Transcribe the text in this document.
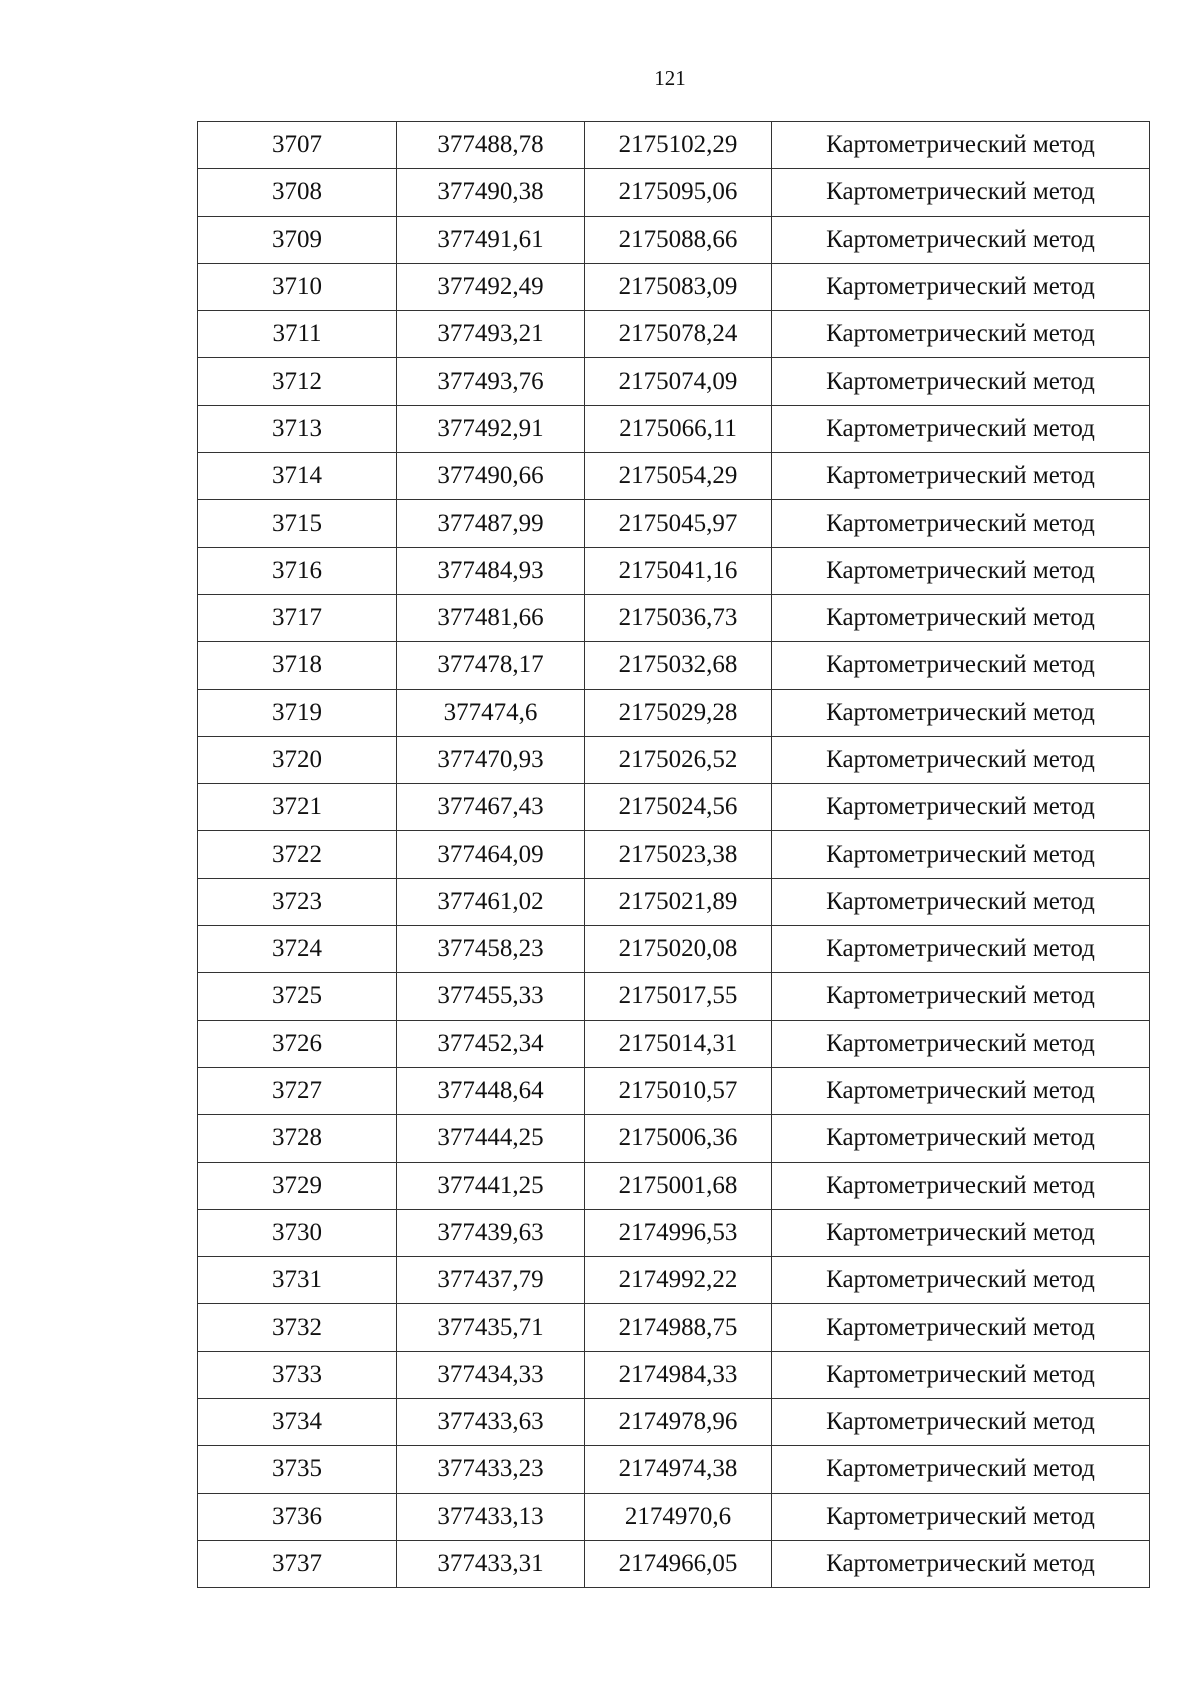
121
3707	377488,78	2175102,29	Картометрический метод
3708	377490,38	2175095,06	Картометрический метод
3709	377491,61	2175088,66	Картометрический метод
3710	377492,49	2175083,09	Картометрический метод
3711	377493,21	2175078,24	Картометрический метод
3712	377493,76	2175074,09	Картометрический метод
3713	377492,91	2175066,11	Картометрический метод
3714	377490,66	2175054,29	Картометрический метод
3715	377487,99	2175045,97	Картометрический метод
3716	377484,93	2175041,16	Картометрический метод
3717	377481,66	2175036,73	Картометрический метод
3718	377478,17	2175032,68	Картометрический метод
3719	377474,6	2175029,28	Картометрический метод
3720	377470,93	2175026,52	Картометрический метод
3721	377467,43	2175024,56	Картометрический метод
3722	377464,09	2175023,38	Картометрический метод
3723	377461,02	2175021,89	Картометрический метод
3724	377458,23	2175020,08	Картометрический метод
3725	377455,33	2175017,55	Картометрический метод
3726	377452,34	2175014,31	Картометрический метод
3727	377448,64	2175010,57	Картометрический метод
3728	377444,25	2175006,36	Картометрический метод
3729	377441,25	2175001,68	Картометрический метод
3730	377439,63	2174996,53	Картометрический метод
3731	377437,79	2174992,22	Картометрический метод
3732	377435,71	2174988,75	Картометрический метод
3733	377434,33	2174984,33	Картометрический метод
3734	377433,63	2174978,96	Картометрический метод
3735	377433,23	2174974,38	Картометрический метод
3736	377433,13	2174970,6	Картометрический метод
3737	377433,31	2174966,05	Картометрический метод
